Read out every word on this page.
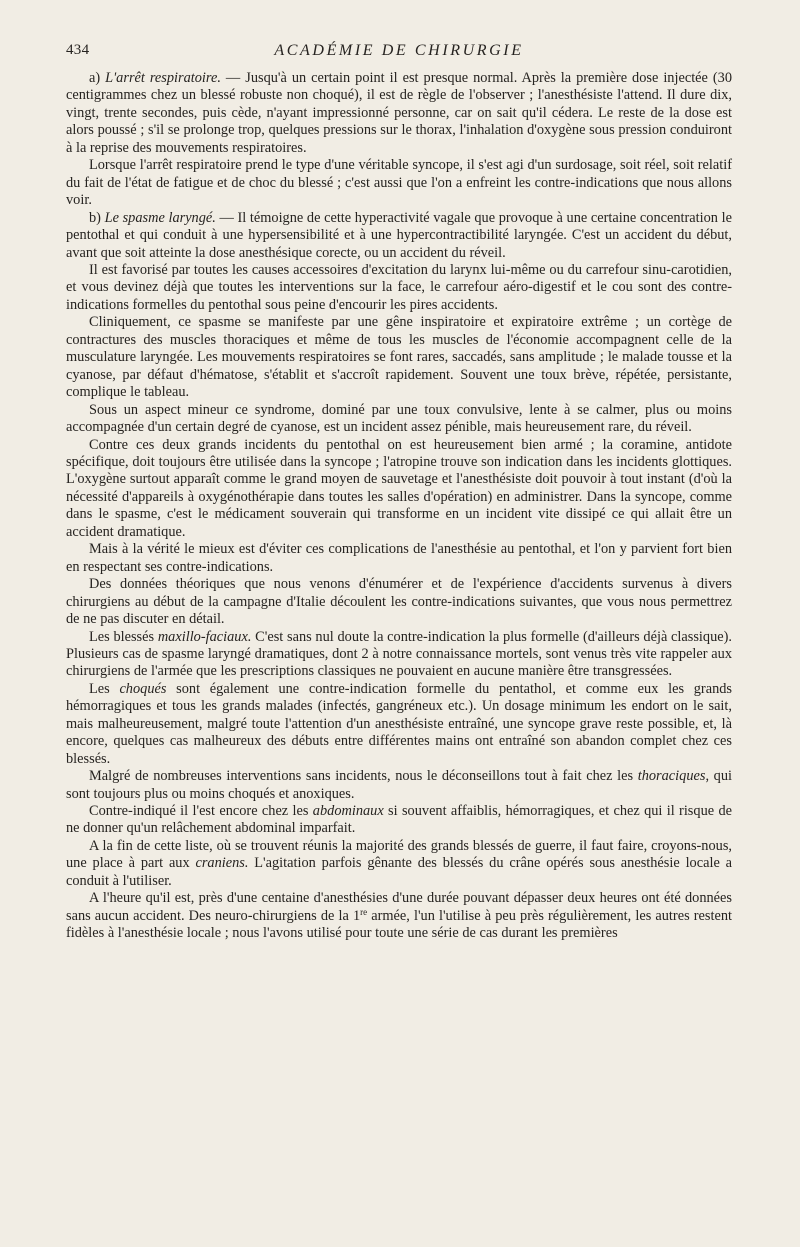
434	ACADÉMIE DE CHIRURGIE

a) L'arrêt respiratoire. — Jusqu'à un certain point il est presque normal. Après la première dose injectée (30 centigrammes chez un blessé robuste non choqué), il est de règle de l'observer ; l'anesthésiste l'attend. Il dure dix, vingt, trente secondes, puis cède, n'ayant impressionné personne, car on sait qu'il cédera. Le reste de la dose est alors poussé ; s'il se prolonge trop, quelques pressions sur le thorax, l'inhalation d'oxygène sous pression conduiront à la reprise des mouvements respiratoires.

Lorsque l'arrêt respiratoire prend le type d'une véritable syncope, il s'est agi d'un surdosage, soit réel, soit relatif du fait de l'état de fatigue et de choc du blessé ; c'est aussi que l'on a enfreint les contre-indications que nous allons voir.

b) Le spasme laryngé. — Il témoigne de cette hyperactivité vagale que provoque à une certaine concentration le pentothal et qui conduit à une hypersensibilité et à une hypercontractibilité laryngée. C'est un accident du début, avant que soit atteinte la dose anesthésique corecte, ou un accident du réveil.

Il est favorisé par toutes les causes accessoires d'excitation du larynx lui-même ou du carrefour sinu-carotidien, et vous devinez déjà que toutes les interventions sur la face, le carrefour aéro-digestif et le cou sont des contre-indications formelles du pentothal sous peine d'encourir les pires accidents.

Cliniquement, ce spasme se manifeste par une gêne inspiratoire et expiratoire extrême ; un cortège de contractures des muscles thoraciques et même de tous les muscles de l'économie accompagnent celle de la musculature laryngée. Les mouvements respiratoires se font rares, saccadés, sans amplitude ; le malade tousse et la cyanose, par défaut d'hématose, s'établit et s'accroît rapidement. Souvent une toux brève, répétée, persistante, complique le tableau.

Sous un aspect mineur ce syndrome, dominé par une toux convulsive, lente à se calmer, plus ou moins accompagnée d'un certain degré de cyanose, est un incident assez pénible, mais heureusement rare, du réveil.

Contre ces deux grands incidents du pentothal on est heureusement bien armé ; la coramine, antidote spécifique, doit toujours être utilisée dans la syncope ; l'atropine trouve son indication dans les incidents glottiques. L'oxygène surtout apparaît comme le grand moyen de sauvetage et l'anesthésiste doit pouvoir à tout instant (d'où la nécessité d'appareils à oxygénothérapie dans toutes les salles d'opération) en administrer. Dans la syncope, comme dans le spasme, c'est le médicament souverain qui transforme en un incident vite dissipé ce qui allait être un accident dramatique.

Mais à la vérité le mieux est d'éviter ces complications de l'anesthésie au pentothal, et l'on y parvient fort bien en respectant ses contre-indications.

Des données théoriques que nous venons d'énumérer et de l'expérience d'accidents survenus à divers chirurgiens au début de la campagne d'Italie découlent les contre-indications suivantes, que vous nous permettrez de ne pas discuter en détail.

Les blessés maxillo-faciaux. C'est sans nul doute la contre-indication la plus formelle (d'ailleurs déjà classique). Plusieurs cas de spasme laryngé dramatiques, dont 2 à notre connaissance mortels, sont venus très vite rappeler aux chirurgiens de l'armée que les prescriptions classiques ne pouvaient en aucune manière être transgressées.

Les choqués sont également une contre-indication formelle du pentathol, et comme eux les grands hémorragiques et tous les grands malades (infectés, gangréneux etc.). Un dosage minimum les endort on le sait, mais malheureusement, malgré toute l'attention d'un anesthésiste entraîné, une syncope grave reste possible, et, là encore, quelques cas malheureux des débuts entre différentes mains ont entraîné son abandon complet chez ces blessés.

Malgré de nombreuses interventions sans incidents, nous le déconseillons tout à fait chez les thoraciques, qui sont toujours plus ou moins choqués et anoxiques.

Contre-indiqué il l'est encore chez les abdominaux si souvent affaiblis, hémorragiques, et chez qui il risque de ne donner qu'un relâchement abdominal imparfait.

A la fin de cette liste, où se trouvent réunis la majorité des grands blessés de guerre, il faut faire, croyons-nous, une place à part aux craniens. L'agitation parfois gênante des blessés du crâne opérés sous anesthésie locale a conduit à l'utiliser.

A l'heure qu'il est, près d'une centaine d'anesthésies d'une durée pouvant dépasser deux heures ont été données sans aucun accident. Des neuro-chirurgiens de la 1re armée, l'un l'utilise à peu près régulièrement, les autres restent fidèles à l'anesthésie locale ; nous l'avons utilisé pour toute une série de cas durant les premières
